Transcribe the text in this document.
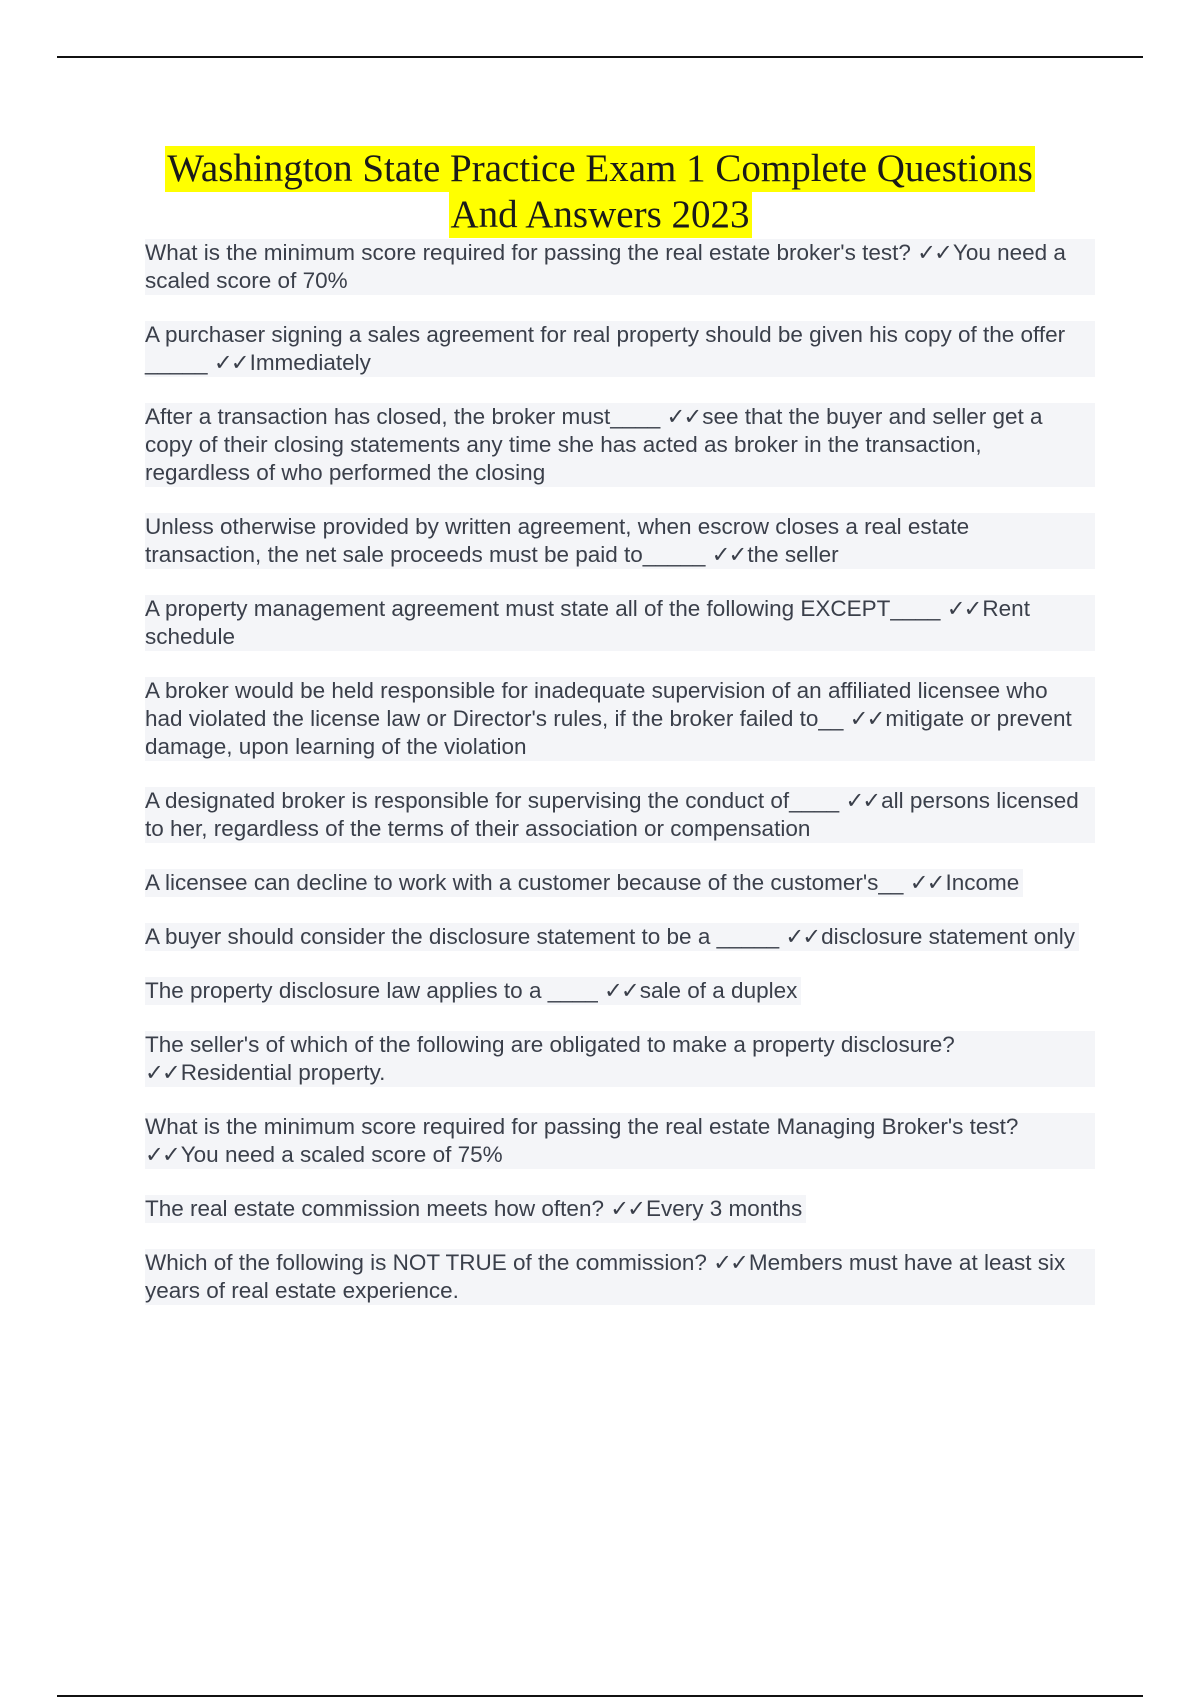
Washington State Practice Exam 1 Complete Questions
And Answers 2023
What is the minimum score required for passing the real estate broker's test? ✓✓You need a scaled score of 70%
A purchaser signing a sales agreement for real property should be given his copy of the offer _____ ✓✓Immediately
After a transaction has closed, the broker must____ ✓✓see that the buyer and seller get a copy of their closing statements any time she has acted as broker in the transaction, regardless of who performed the closing
Unless otherwise provided by written agreement, when escrow closes a real estate transaction, the net sale proceeds must be paid to_____ ✓✓the seller
A property management agreement must state all of the following EXCEPT____ ✓✓Rent schedule
A broker would be held responsible for inadequate supervision of an affiliated licensee who had violated the license law or Director's rules, if the broker failed to__ ✓✓mitigate or prevent damage, upon learning of the violation
A designated broker is responsible for supervising the conduct of____ ✓✓all persons licensed to her, regardless of the terms of their association or compensation
A licensee can decline to work with a customer because of the customer's__ ✓✓Income
A buyer should consider the disclosure statement to be a _____ ✓✓disclosure statement only
The property disclosure law applies to a ____ ✓✓sale of a duplex
The seller's of which of the following are obligated to make a property disclosure? ✓✓Residential property.
What is the minimum score required for passing the real estate Managing Broker's test? ✓✓You need a scaled score of 75%
The real estate commission meets how often? ✓✓Every 3 months
Which of the following is NOT TRUE of the commission? ✓✓Members must have at least six years of real estate experience.
